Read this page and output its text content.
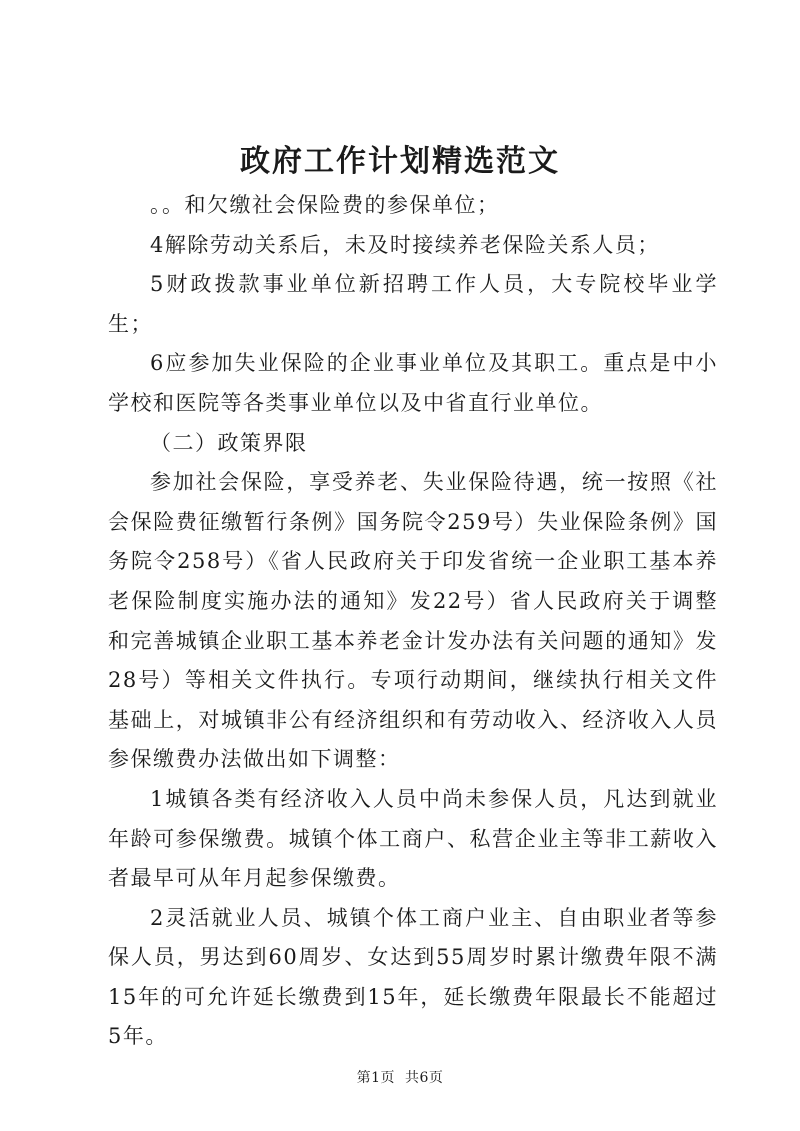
政府工作计划精选范文

。。和欠缴社会保险费的参保单位；

4解除劳动关系后，未及时接续养老保险关系人员；

5财政拨款事业单位新招聘工作人员，大专院校毕业学生；

6应参加失业保险的企业事业单位及其职工。重点是中小学校和医院等各类事业单位以及中省直行业单位。

（二）政策界限

参加社会保险，享受养老、失业保险待遇，统一按照《社会保险费征缴暂行条例》国务院令259号）失业保险条例》国务院令258号）《省人民政府关于印发省统一企业职工基本养老保险制度实施办法的通知》发22号）省人民政府关于调整和完善城镇企业职工基本养老金计发办法有关问题的通知》发28号）等相关文件执行。专项行动期间，继续执行相关文件基础上，对城镇非公有经济组织和有劳动收入、经济收入人员参保缴费办法做出如下调整：

1城镇各类有经济收入人员中尚未参保人员，凡达到就业年龄可参保缴费。城镇个体工商户、私营企业主等非工薪收入者最早可从年月起参保缴费。

2灵活就业人员、城镇个体工商户业主、自由职业者等参保人员，男达到60周岁、女达到55周岁时累计缴费年限不满15年的可允许延长缴费到15年，延长缴费年限最长不能超过5年。

第1页 共6页
